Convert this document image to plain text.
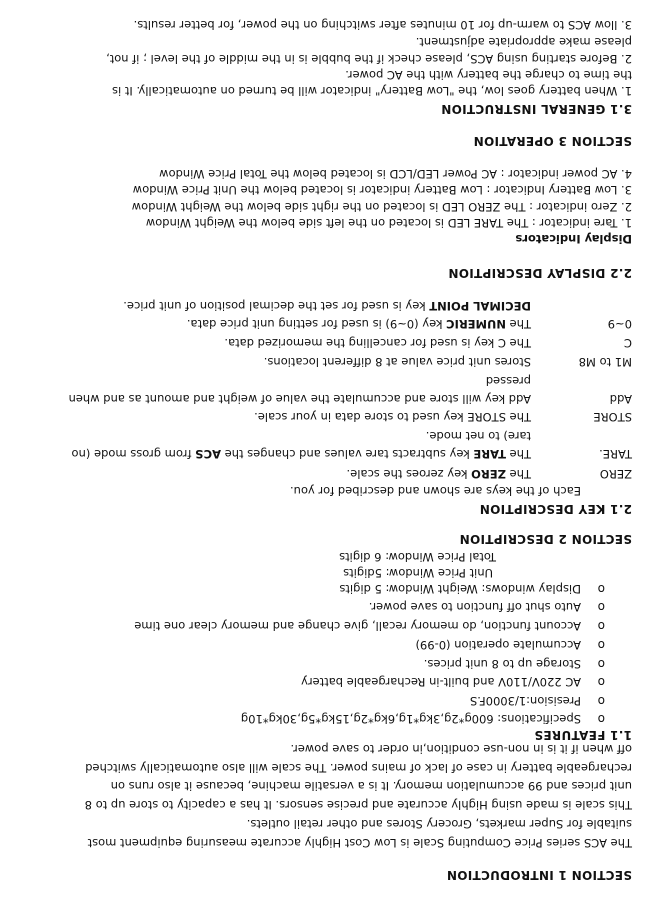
SECTION 1 INTRODUCTION
The ACS series Price Computing Scale is Low Cost Highly accurate measuring equipment most
suitable for Super markets, Grocery Stores and other retail outlets.
This scale is made using Highly accurate and precise sensors. It has a capacity to store up to 8
unit prices and 99 accumulation memory. It is a versatile machine, because it also runs on
rechargeable battery in case of lack of mains power. The scale will also automatically switched
off when if it is in non-use condition,in order to save power.
1.1 FEATURES
o
Specifications: 600g*2g,3kg*1g,6kg*2g,15kg*5g,30kg*10g
o
Presision:1/3000F.S
o
AC 220V/110V and built-in Rechargeable battery
o
Storage up to 8 unit prices.
o
Accumulate operation (0-99)
o
Account function, do memory recall, give change and memory clear one time
o
Auto shut off function to save power.
o
Display windows: Weight Window: 5 digits
Unit Price Window: 5digits
Total Price Window: 6 digits
SECTION 2 DESCRIPTION
2.1 KEY DESCRIPTION
Each of the keys are shown and described for you.
ZERO
The ZERO key zeroes the scale.
TARE.
The TARE key subtracts tare values and changes the ACS from gross mode (no
tare) to net mode.
STORE
The STORE key used to store data in your scale.
Add
Add key will store and accumulate the value of weight and amount as and when
pressed
M1 to M8
Stores unit price value at 8 different locations.
C
The C key is used for cancelling the memorized data.
0~9
The NUMERIC key (0~9) is used for setting unit price data.
DECIMAL POINT key is used for set the decimal position of unit price.
2.2 DISPLAY DESCRIPTION
Display Indicators
1. Tare indicator : The TARE LED is located on the left side below the Weight Window
2. Zero indicator : The ZERO LED is located on the right side below the Weight Window
3. Low Battery Indicator : Low Battery indicator is located below the Unit Price Window
4. AC power indicator : AC Power LED/LCD is located below the Total Price Window
SECTION 3 OPERATION
3.1 GENERAL INSTRUCTION
1. When battery goes low, the "Low Battery" indicator will be turned on automatically. It is
the time to charge the battery with the AC power.
2. Before starting using ACS, please check if the bubble is in the middle of the level ; if not,
please make appropriate adjustment.
3. llow ACS to warm-up for 10 minutes after switching on the power, for better results.
